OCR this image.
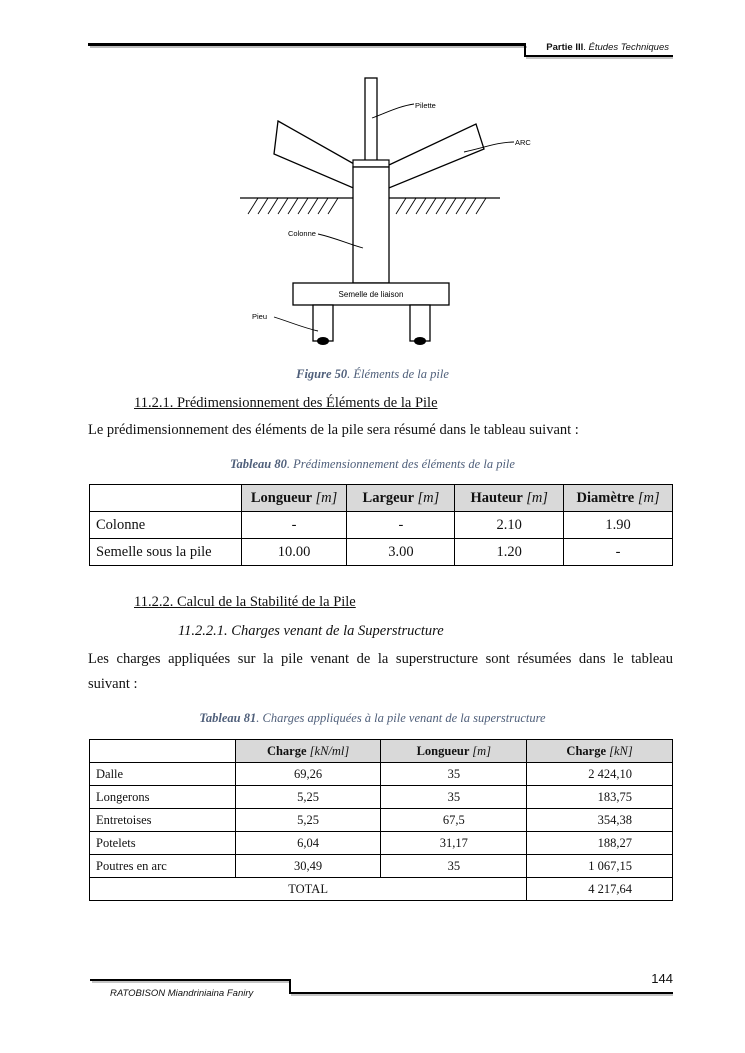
Partie III. Études Techniques
Pilette
ARC
Colonne
Semelle de liaison
Pieu
Figure 50. Éléments de la pile
11.2.1. Prédimensionnement des Éléments de la Pile
Le prédimensionnement des éléments de la pile sera résumé dans le tableau suivant :
Tableau 80. Prédimensionnement des éléments de la pile
	Longueur [m]	Largeur [m]	Hauteur [m]	Diamètre [m]
Colonne	-	-	2.10	1.90
Semelle sous la pile	10.00	3.00	1.20	-
11.2.2. Calcul de la Stabilité de la Pile
11.2.2.1. Charges venant de la Superstructure
Les charges appliquées sur la pile venant de la superstructure sont résumées dans le tableau
suivant :
Tableau 81. Charges appliquées à la pile venant de la superstructure
	Charge [kN/ml]	Longueur [m]	Charge [kN]
Dalle	69,26	35	2 424,10
Longerons	5,25	35	183,75
Entretoises	5,25	67,5	354,38
Potelets	6,04	31,17	188,27
Poutres en arc	30,49	35	1 067,15
TOTAL			4 217,64
RATOBISON Miandriniaina Faniry
144
